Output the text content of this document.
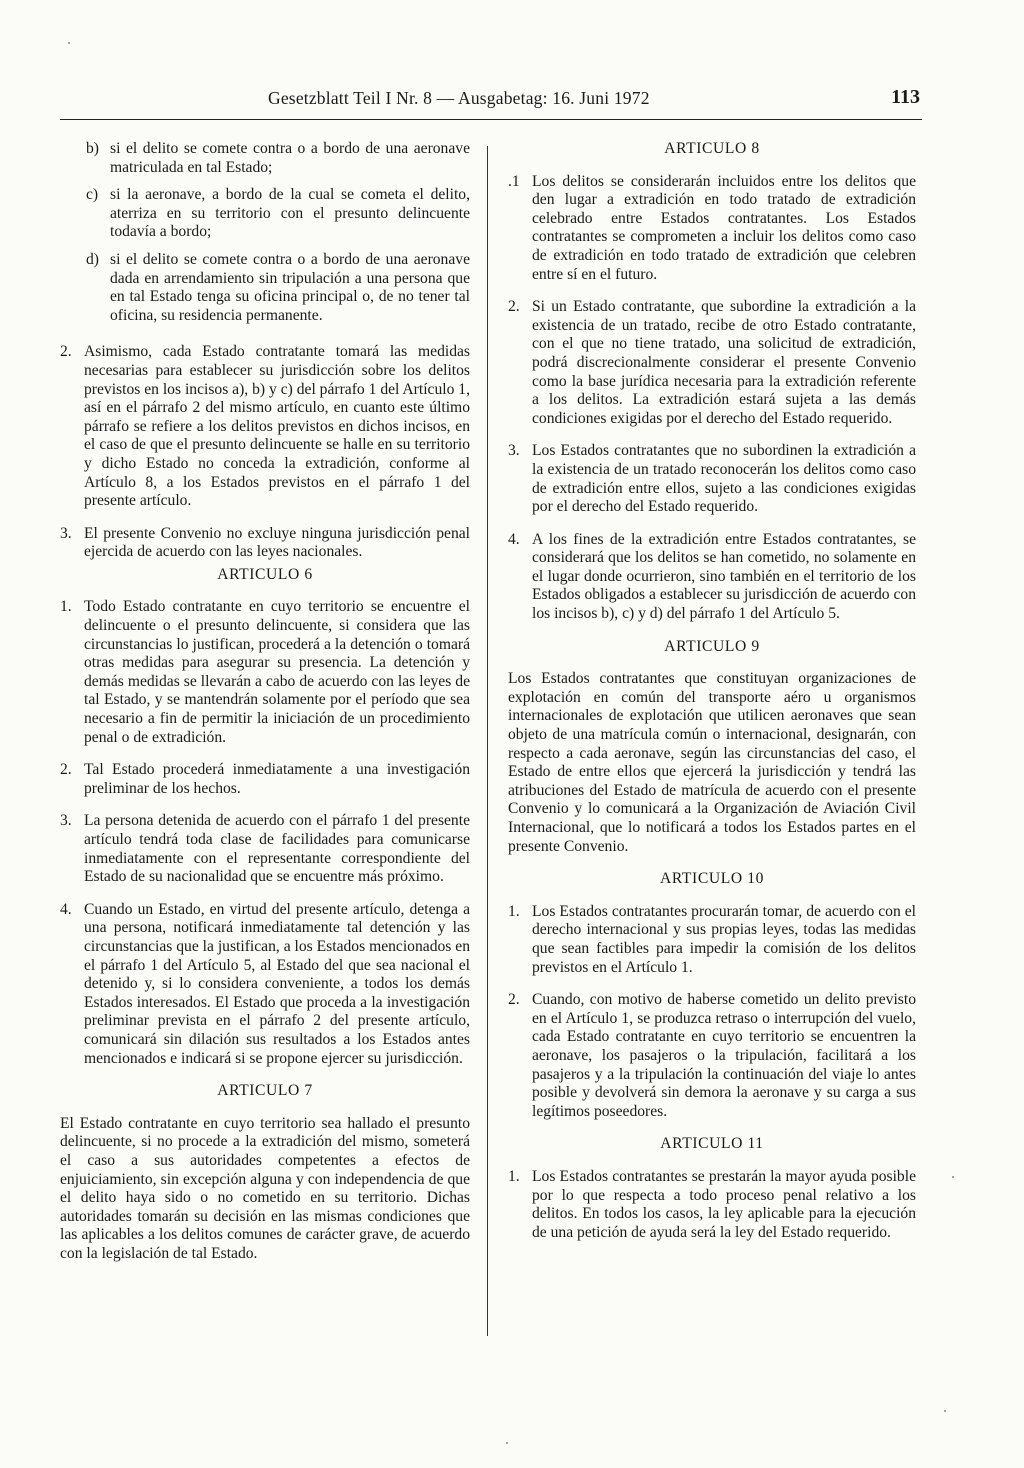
Gesetzblatt Teil I Nr. 8 — Ausgabetag: 16. Juni 1972	113
b) si el delito se comete contra o a bordo de una aeronave matriculada en tal Estado;
c) si la aeronave, a bordo de la cual se cometa el delito, aterriza en su territorio con el presunto delincuente todavía a bordo;
d) si el delito se comete contra o a bordo de una aeronave dada en arrendamiento sin tripulación a una persona que en tal Estado tenga su oficina principal o, de no tener tal oficina, su residencia permanente.
2. Asimismo, cada Estado contratante tomará las medidas necesarias para establecer su jurisdicción sobre los delitos previstos en los incisos a), b) y c) del párrafo 1 del Artículo 1, así en el párrafo 2 del mismo artículo, en cuanto este último párrafo se refiere a los delitos previstos en dichos incisos, en el caso de que el presunto delincuente se halle en su territorio y dicho Estado no conceda la extradición, conforme al Artículo 8, a los Estados previstos en el párrafo 1 del presente artículo.
3. El presente Convenio no excluye ninguna jurisdicción penal ejercida de acuerdo con las leyes nacionales.
ARTICULO 6
1. Todo Estado contratante en cuyo territorio se encuentre el delincuente o el presunto delincuente, si considera que las circunstancias lo justifican, procederá a la detención o tomará otras medidas para asegurar su presencia. La detención y demás medidas se llevarán a cabo de acuerdo con las leyes de tal Estado, y se mantendrán solamente por el período que sea necesario a fin de permitir la iniciación de un procedimiento penal o de extradición.
2. Tal Estado procederá inmediatamente a una investigación preliminar de los hechos.
3. La persona detenida de acuerdo con el párrafo 1 del presente artículo tendrá toda clase de facilidades para comunicarse inmediatamente con el representante correspondiente del Estado de su nacionalidad que se encuentre más próximo.
4. Cuando un Estado, en virtud del presente artículo, detenga a una persona, notificará inmediatamente tal detención y las circunstancias que la justifican, a los Estados mencionados en el párrafo 1 del Artículo 5, al Estado del que sea nacional el detenido y, si lo considera conveniente, a todos los demás Estados interesados. El Estado que proceda a la investigación preliminar prevista en el párrafo 2 del presente artículo, comunicará sin dilación sus resultados a los Estados antes mencionados e indicará si se propone ejercer su jurisdicción.
ARTICULO 7
El Estado contratante en cuyo territorio sea hallado el presunto delincuente, si no procede a la extradición del mismo, someterá el caso a sus autoridades competentes a efectos de enjuiciamiento, sin excepción alguna y con independencia de que el delito haya sido o no cometido en su territorio. Dichas autoridades tomarán su decisión en las mismas condiciones que las aplicables a los delitos comunes de carácter grave, de acuerdo con la legislación de tal Estado.
ARTICULO 8
.1 Los delitos se considerarán incluidos entre los delitos que den lugar a extradición en todo tratado de extradición celebrado entre Estados contratantes. Los Estados contratantes se comprometen a incluir los delitos como caso de extradición en todo tratado de extradición que celebren entre sí en el futuro.
2. Si un Estado contratante, que subordine la extradición a la existencia de un tratado, recibe de otro Estado contratante, con el que no tiene tratado, una solicitud de extradición, podrá discrecionalmente considerar el presente Convenio como la base jurídica necesaria para la extradición referente a los delitos. La extradición estará sujeta a las demás condiciones exigidas por el derecho del Estado requerido.
3. Los Estados contratantes que no subordinen la extradición a la existencia de un tratado reconocerán los delitos como caso de extradición entre ellos, sujeto a las condiciones exigidas por el derecho del Estado requerido.
4. A los fines de la extradición entre Estados contratantes, se considerará que los delitos se han cometido, no solamente en el lugar donde ocurrieron, sino también en el territorio de los Estados obligados a establecer su jurisdicción de acuerdo con los incisos b), c) y d) del párrafo 1 del Artículo 5.
ARTICULO 9
Los Estados contratantes que constituyan organizaciones de explotación en común del transporte aéro u organismos internacionales de explotación que utilicen aeronaves que sean objeto de una matrícula común o internacional, designarán, con respecto a cada aeronave, según las circunstancias del caso, el Estado de entre ellos que ejercerá la jurisdicción y tendrá las atribuciones del Estado de matrícula de acuerdo con el presente Convenio y lo comunicará a la Organización de Aviación Civil Internacional, que lo notificará a todos los Estados partes en el presente Convenio.
ARTICULO 10
1. Los Estados contratantes procurarán tomar, de acuerdo con el derecho internacional y sus propias leyes, todas las medidas que sean factibles para impedir la comisión de los delitos previstos en el Artículo 1.
2. Cuando, con motivo de haberse cometido un delito previsto en el Artículo 1, se produzca retraso o interrupción del vuelo, cada Estado contratante en cuyo territorio se encuentren la aeronave, los pasajeros o la tripulación, facilitará a los pasajeros y a la tripulación la continuación del viaje lo antes posible y devolverá sin demora la aeronave y su carga a sus legítimos poseedores.
ARTICULO 11
1. Los Estados contratantes se prestarán la mayor ayuda posible por lo que respecta a todo proceso penal relativo a los delitos. En todos los casos, la ley aplicable para la ejecución de una petición de ayuda será la ley del Estado requerido.
